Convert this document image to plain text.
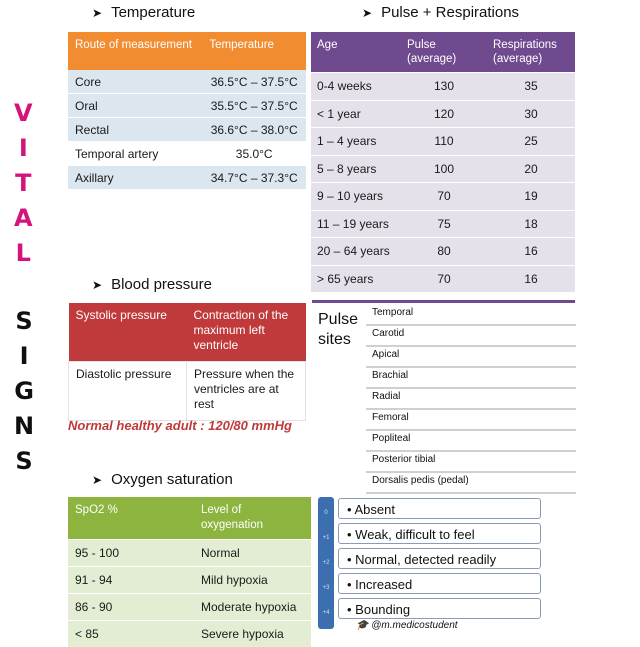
V
I
T
A
L
S
I
G
N
S
➤ Temperature
Route of measurement	Temperature
Core	36.5°C – 37.5°C
Oral	35.5°C – 37.5°C
Rectal	36.6°C – 38.0°C
Temporal artery	35.0°C
Axillary	34.7°C – 37.3°C
➤ Pulse + Respirations
Age	Pulse (average)	Respirations (average)
0-4 weeks	130	35
< 1 year	120	30
1 – 4 years	110	25
5 – 8 years	100	20
9 – 10 years	70	19
11 – 19 years	75	18
20 – 64 years	80	16
> 65 years	70	16
➤ Blood pressure
Systolic pressure	Contraction of the maximum left ventricle
Diastolic pressure	Pressure when the ventricles are at rest
Normal healthy adult : 120/80 mmHg
Pulse
sites
Temporal
Carotid
Apical
Brachial
Radial
Femoral
Popliteal
Posterior tibial
Dorsalis pedis (pedal)
➤ Oxygen saturation
SpO2 %	Level of oxygenation
95 - 100	Normal
91 - 94	Mild hypoxia
86 - 90	Moderate hypoxia
< 85	Severe hypoxia
0
+1
+2
+3
+4
• Absent
• Weak, difficult to feel
• Normal, detected readily
• Increased
• Bounding
🎓 @m.medicostudent
